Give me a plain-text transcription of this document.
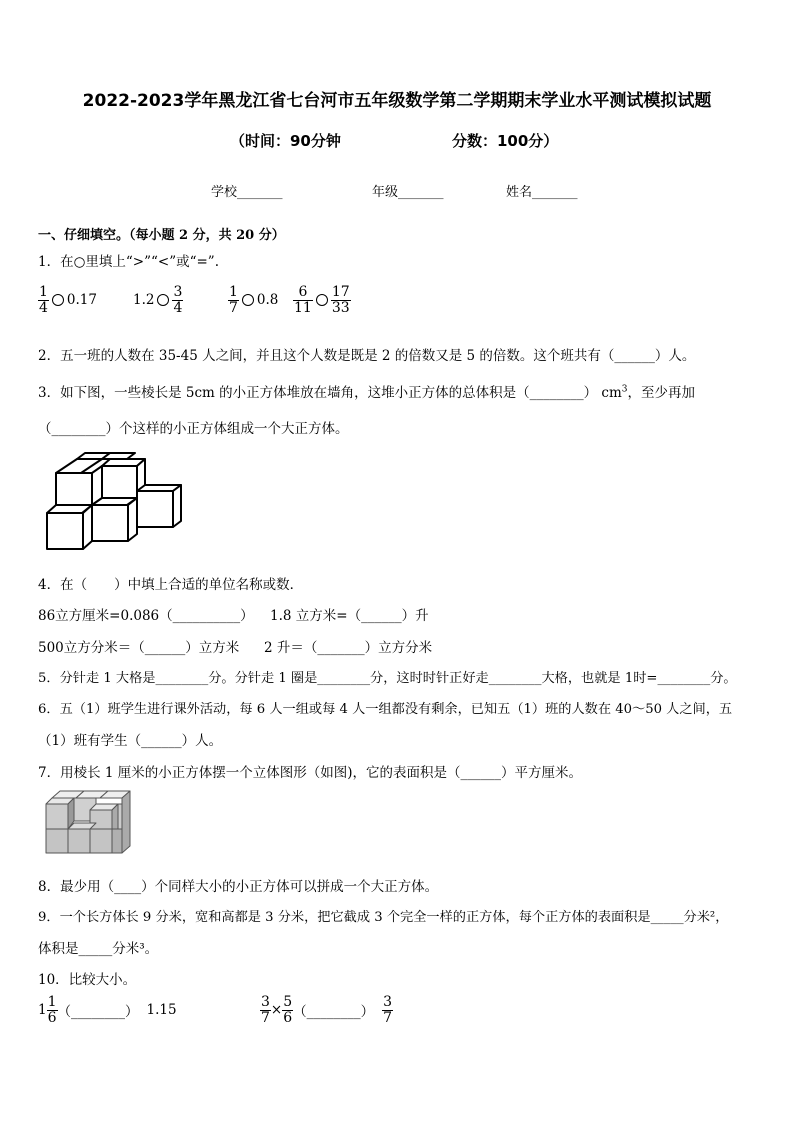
2022-2023学年黑龙江省七台河市五年级数学第二学期期末学业水平测试模拟试题
（时间：90分钟	分数：100分）
学校_______	年级_______	姓名_______
一、仔细填空。（每小题 2 分，共 20 分）
1．在○里填上“>”“<”或“=”.
$\frac{1}{4} 0.17$	$1.2 \frac{3}{4}$	$\frac{1}{7} 0.8 \frac{6}{11} \frac{17}{33}$
2．五一班的人数在 35-45 人之间，并且这个人数是既是 2 的倍数又是 5 的倍数。这个班共有（______）人。
3．如下图，一些棱长是 5cm 的小正方体堆放在墙角，这堆小正方体的总体积是（________） $cm^3$，至少再加
（________）个这样的小正方体组成一个大正方体。
4．在（　　）中填上合适的单位名称或数．
86立方厘米=0.086（__________） 1.8 立方米=（______）升
500立方分米＝（______）立方米 2 升＝（_______）立方分米
5．分针走 1 大格是________分。分针走 1 圈是________分，这时时针正好走________大格，也就是 1时=________分。
6．五（1）班学生进行课外活动，每 6 人一组或每 4 人一组都没有剩余，已知五（1）班的人数在 40～50 人之间，五
（1）班有学生（______）人。
7．用棱长 1 厘米的小正方体摆一个立体图形（如图)，它的表面积是（______）平方厘米。
8．最少用（____）个同样大小的小正方体可以拼成一个大正方体。
9．一个长方体长 9 分米，宽和高都是 3 分米，把它截成 3 个完全一样的正方体，每个正方体的表面积是_____分米²，
体积是_____分米³。
10．比较大小。
$1 \frac{1}{6}$ （________） 1.15	$\frac{3}{7} \times \frac{5}{6}$ （________） $\frac{3}{7}$
